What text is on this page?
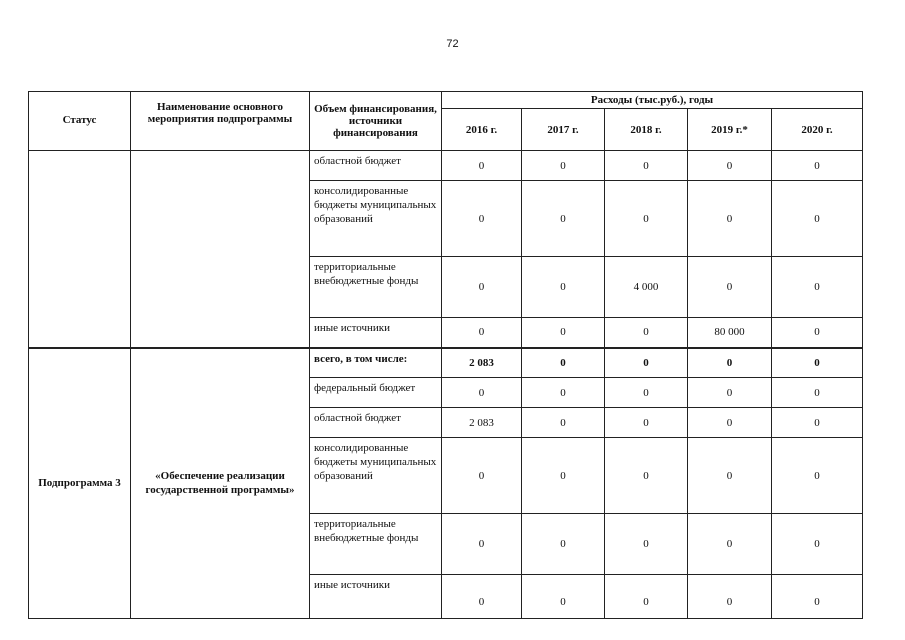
72
Статус	Наименование основного мероприятия подпрограммы	Объем финансирования, источники финансирования	Расходы (тыс.руб.), годы				
			2016 г.	2017 г.	2018 г.	2019 г.*	2020 г.
		областной бюджет	0	0	0	0	0
		консолидированные бюджеты муниципальных образований	0	0	0	0	0
		территориальные внебюджетные фонды	0	0	4 000	0	0
		иные источники	0	0	0	80 000	0
Подпрограмма 3	«Обеспечение реализации государственной программы»	всего, в том числе:	2 083	0	0	0	0
		федеральный бюджет	0	0	0	0	0
		областной бюджет	2 083	0	0	0	0
		консолидированные бюджеты муниципальных образований	0	0	0	0	0
		территориальные внебюджетные фонды	0	0	0	0	0
		иные источники	0	0	0	0	0
